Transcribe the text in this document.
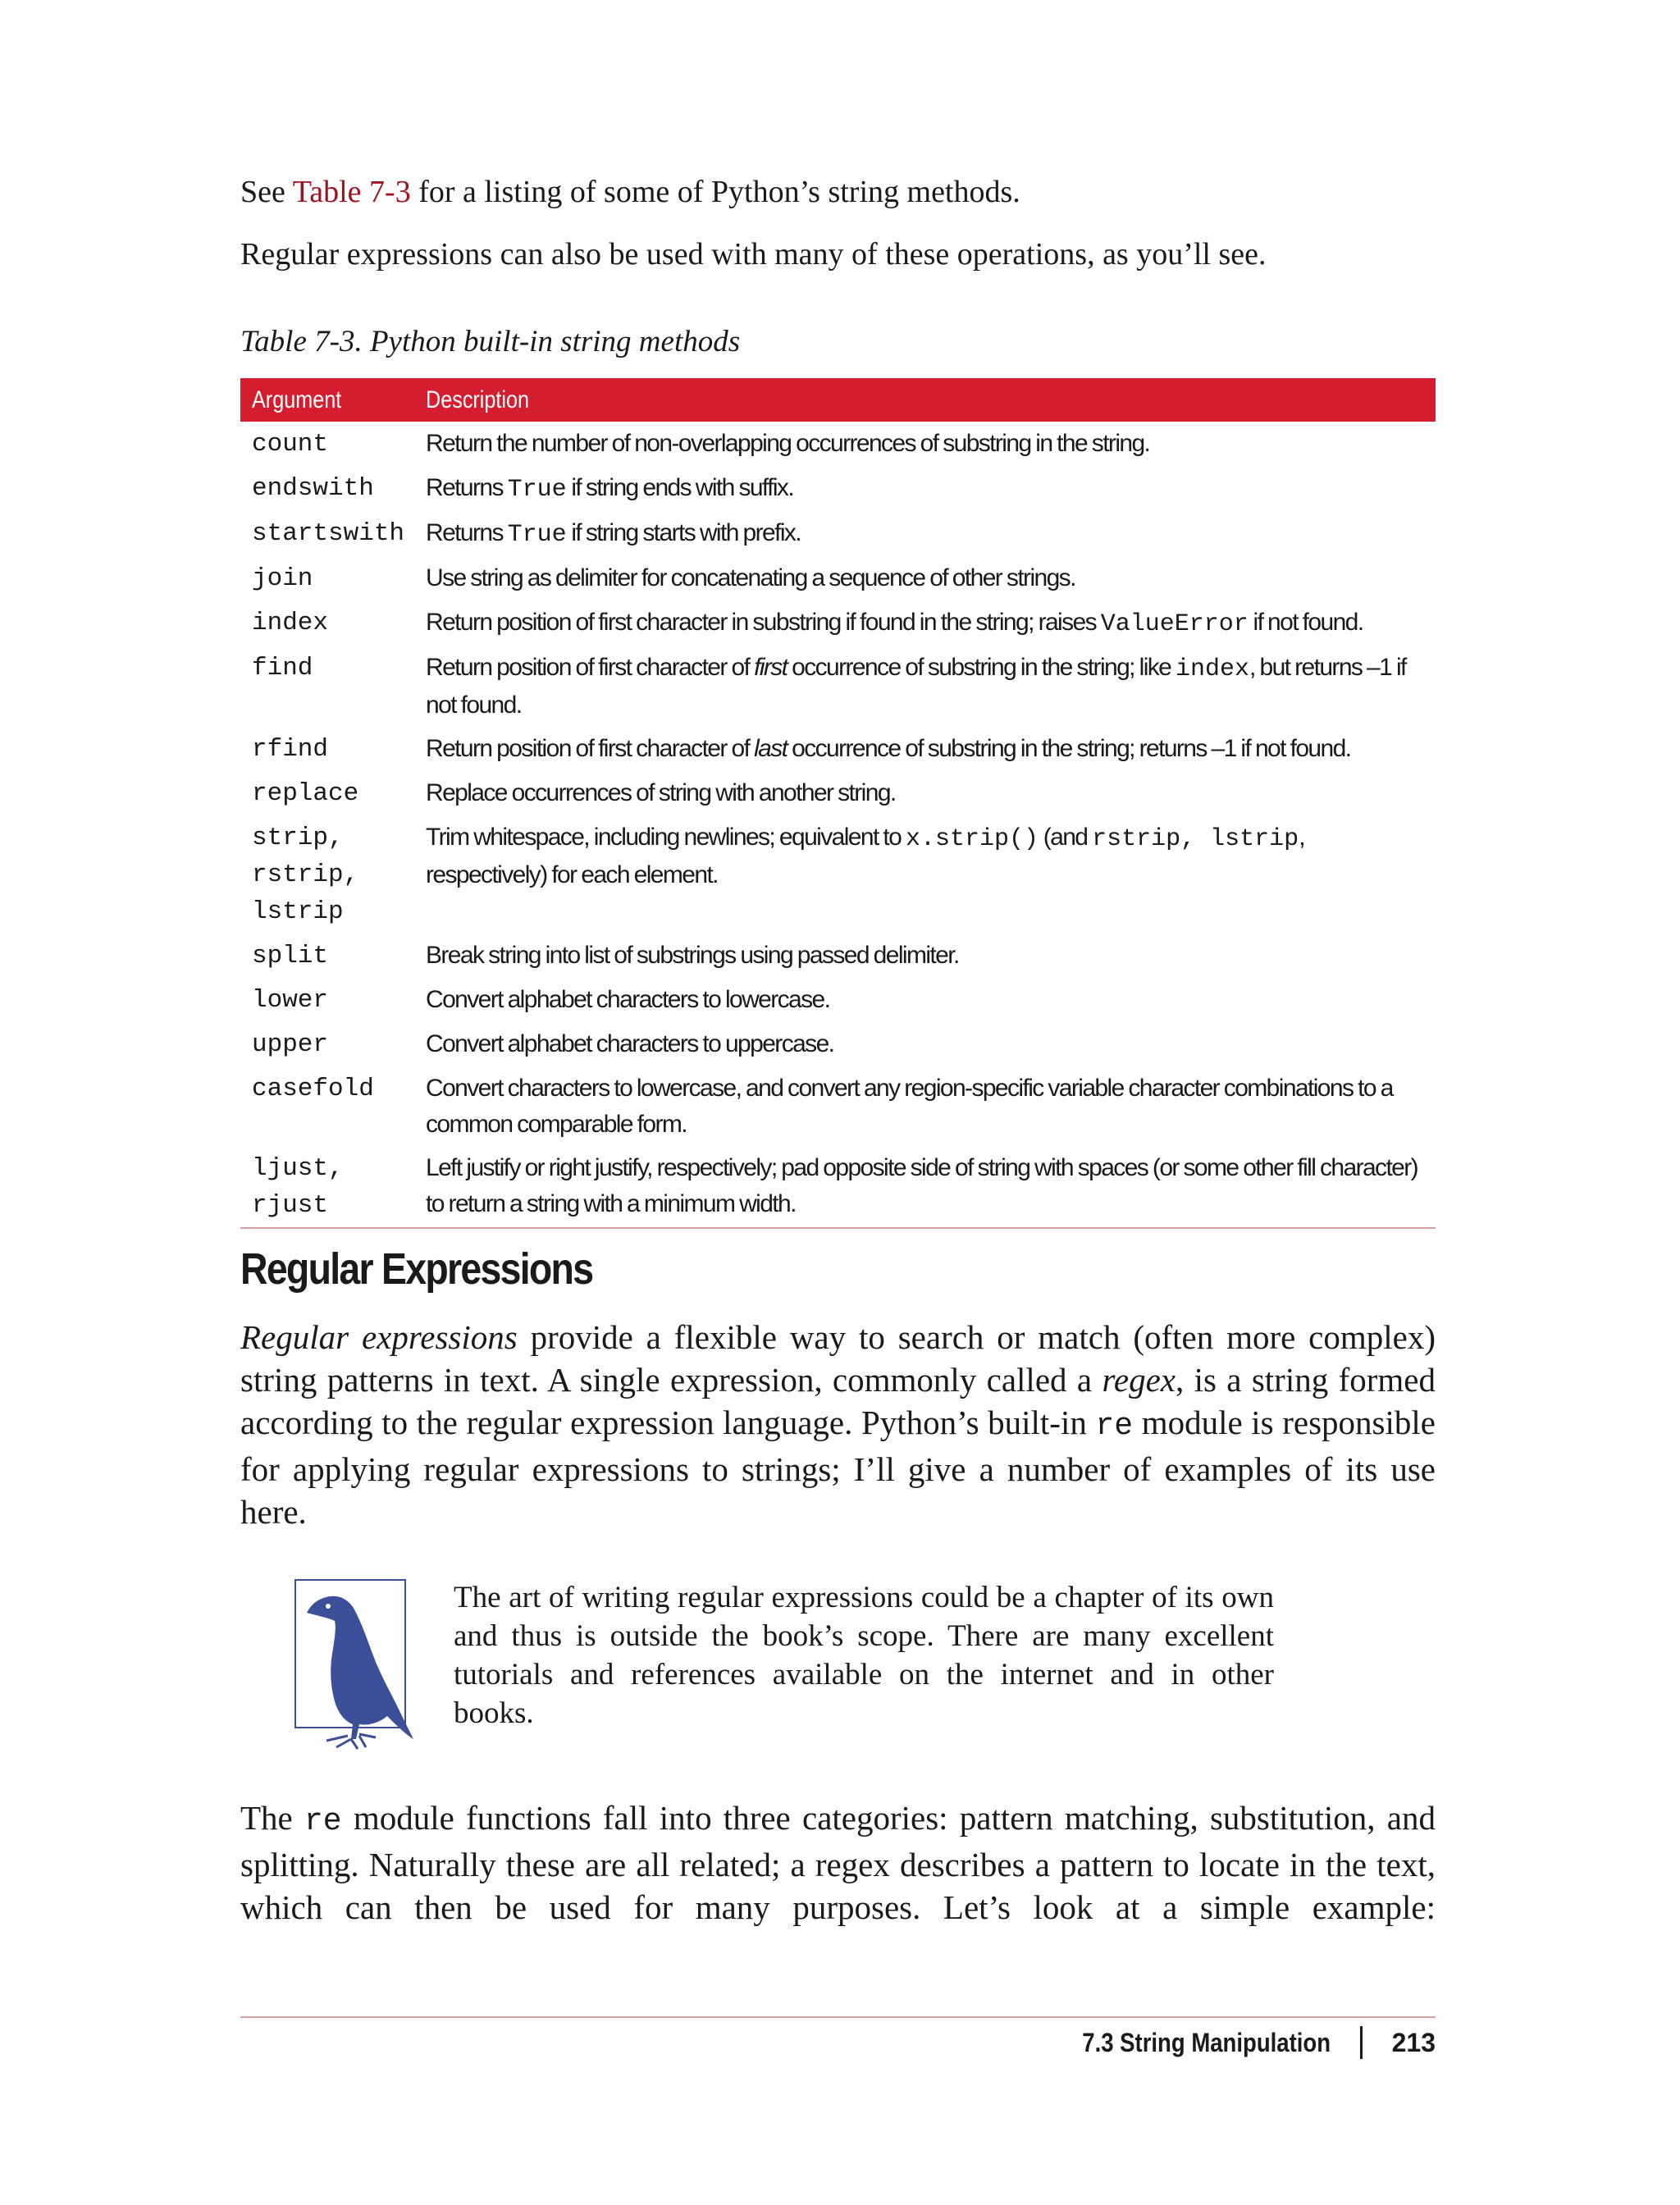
See Table 7-3 for a listing of some of Python’s string methods.

Regular expressions can also be used with many of these operations, as you’ll see.

Table 7-3. Python built-in string methods
Argument	Description
count	Return the number of non-overlapping occurrences of substring in the string.
endswith	Returns True if string ends with suffix.
startswith	Returns True if string starts with prefix.
join	Use string as delimiter for concatenating a sequence of other strings.
index	Return position of first character in substring if found in the string; raises ValueError if not found.
find	Return position of first character of first occurrence of substring in the string; like index, but returns –1 if not found.
rfind	Return position of first character of last occurrence of substring in the string; returns –1 if not found.
replace	Replace occurrences of string with another string.

strip,
rstrip,
lstrip	Trim whitespace, including newlines; equivalent to x.strip() (and rstrip, lstrip, respectively) for each element.
split	Break string into list of substrings using passed delimiter.
lower	Convert alphabet characters to lowercase.
upper	Convert alphabet characters to uppercase.
casefold	Convert characters to lowercase, and convert any region-specific variable character combinations to a common comparable form.

ljust,
rjust	Left justify or right justify, respectively; pad opposite side of string with spaces (or some other fill character) to return a string with a minimum width.
Regular Expressions

Regular expressions provide a flexible way to search or match (often more complex) string patterns in text. A single expression, commonly called a regex, is a string formed according to the regular expression language. Python’s built-in re module is responsible for applying regular expressions to strings; I’ll give a number of examples of its use here.

The art of writing regular expressions could be a chapter of its own and thus is outside the book’s scope. There are many excellent tutorials and references available on the internet and in other books.

The re module functions fall into three categories: pattern matching, substitution, and splitting. Naturally these are all related; a regex describes a pattern to locate in the text, which can then be used for many purposes. Let’s look at a simple example:

7.3 String Manipulation 213
